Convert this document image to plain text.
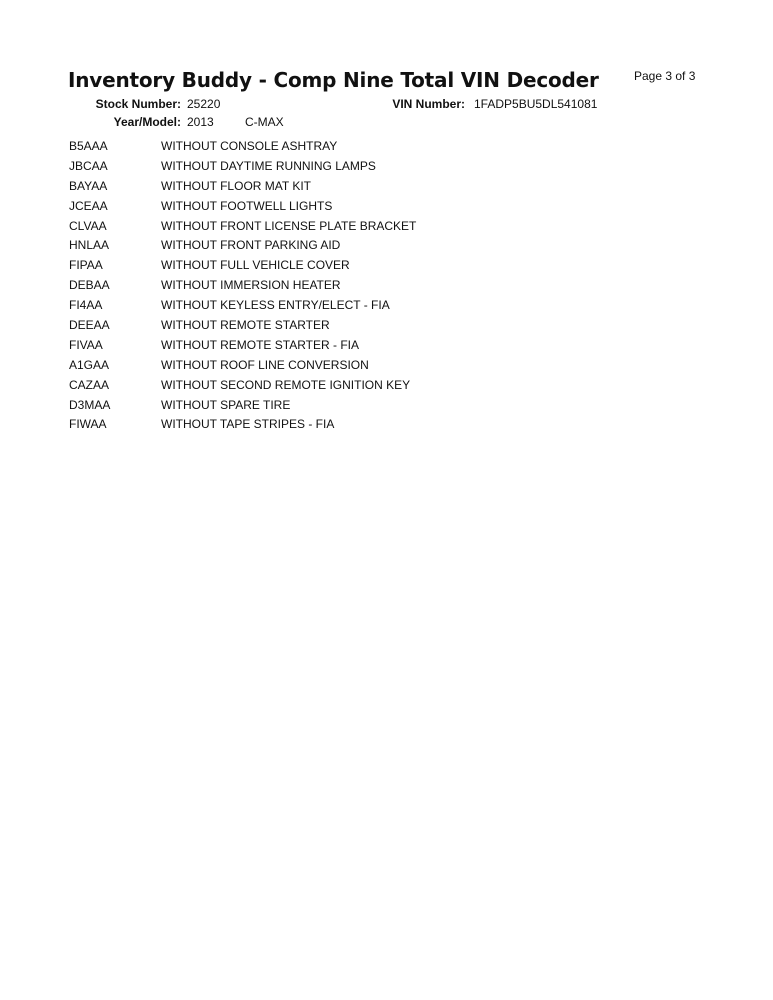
Inventory Buddy - Comp Nine Total VIN Decoder	Page 3 of 3
Stock Number: 25220	VIN Number: 1FADP5BU5DL541081
Year/Model: 2013	C-MAX
B5AAA	WITHOUT CONSOLE ASHTRAY
JBCAA	WITHOUT DAYTIME RUNNING LAMPS
BAYAA	WITHOUT FLOOR MAT KIT
JCEAA	WITHOUT FOOTWELL LIGHTS
CLVAA	WITHOUT FRONT LICENSE PLATE BRACKET
HNLAA	WITHOUT FRONT PARKING AID
FIPAA	WITHOUT FULL VEHICLE COVER
DEBAA	WITHOUT IMMERSION HEATER
FI4AA	WITHOUT KEYLESS ENTRY/ELECT - FIA
DEEAA	WITHOUT REMOTE STARTER
FIVAA	WITHOUT REMOTE STARTER - FIA
A1GAA	WITHOUT ROOF LINE CONVERSION
CAZAA	WITHOUT SECOND REMOTE IGNITION KEY
D3MAA	WITHOUT SPARE TIRE
FIWAA	WITHOUT TAPE STRIPES - FIA
